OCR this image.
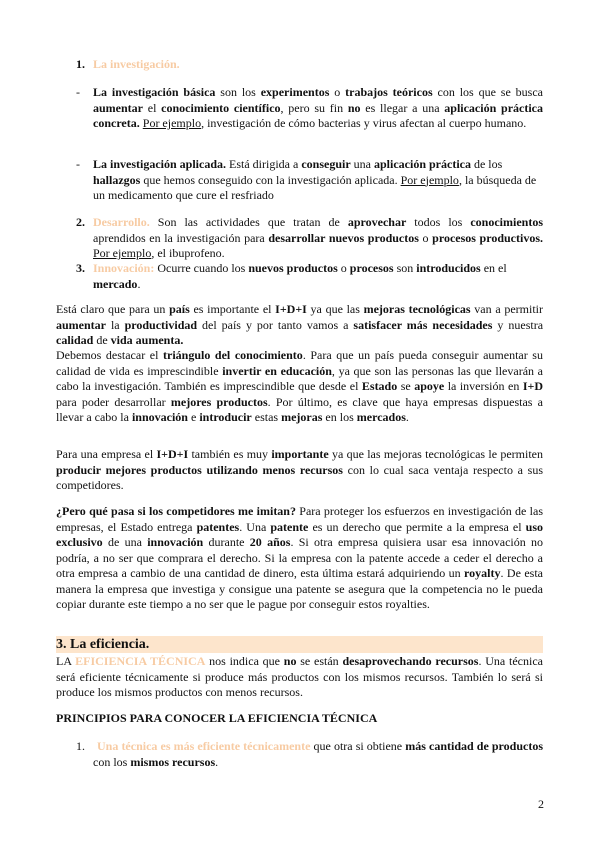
1. La investigación.
- La investigación básica son los experimentos o trabajos teóricos con los que se busca aumentar el conocimiento científico, pero su fin no es llegar a una aplicación práctica concreta. Por ejemplo, investigación de cómo bacterias y virus afectan al cuerpo humano.
- La investigación aplicada. Está dirigida a conseguir una aplicación práctica de los hallazgos que hemos conseguido con la investigación aplicada. Por ejemplo, la búsqueda de un medicamento que cure el resfriado
2. Desarrollo. Son las actividades que tratan de aprovechar todos los conocimientos aprendidos en la investigación para desarrollar nuevos productos o procesos productivos. Por ejemplo, el ibuprofeno.
3. Innovación: Ocurre cuando los nuevos productos o procesos son introducidos en el mercado.
Está claro que para un país es importante el I+D+I ya que las mejoras tecnológicas van a permitir aumentar la productividad del país y por tanto vamos a satisfacer más necesidades y nuestra calidad de vida aumenta.
Debemos destacar el triángulo del conocimiento. Para que un país pueda conseguir aumentar su calidad de vida es imprescindible invertir en educación, ya que son las personas las que llevarán a cabo la investigación. También es imprescindible que desde el Estado se apoye la inversión en I+D para poder desarrollar mejores productos. Por último, es clave que haya empresas dispuestas a llevar a cabo la innovación e introducir estas mejoras en los mercados.
Para una empresa el I+D+I también es muy importante ya que las mejoras tecnológicas le permiten producir mejores productos utilizando menos recursos con lo cual saca ventaja respecto a sus competidores.
¿Pero qué pasa si los competidores me imitan? Para proteger los esfuerzos en investigación de las empresas, el Estado entrega patentes. Una patente es un derecho que permite a la empresa el uso exclusivo de una innovación durante 20 años. Si otra empresa quisiera usar esa innovación no podría, a no ser que comprara el derecho. Si la empresa con la patente accede a ceder el derecho a otra empresa a cambio de una cantidad de dinero, esta última estará adquiriendo un royalty. De esta manera la empresa que investiga y consigue una patente se asegura que la competencia no le pueda copiar durante este tiempo a no ser que le pague por conseguir estos royalties.
3. La eficiencia.
LA EFICIENCIA TÉCNICA nos indica que no se están desaprovechando recursos. Una técnica será eficiente técnicamente si produce más productos con los mismos recursos. También lo será si produce los mismos productos con menos recursos.
PRINCIPIOS PARA CONOCER LA EFICIENCIA TÉCNICA
1.	Una técnica es más eficiente técnicamente que otra si obtiene más cantidad de productos con los mismos recursos.
2
